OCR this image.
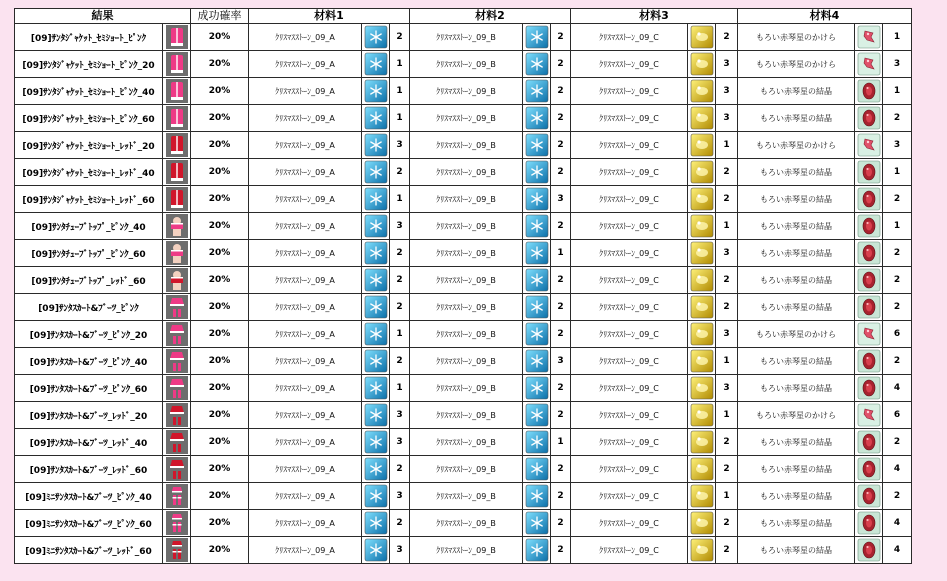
結果		成功確率	材料1			材料2			材料3			材料4		
[09]ｻﾝﾀｼﾞｬｹｯﾄ_ｾﾐｼｮｰﾄ_ﾋﾟﾝｸ		20%	ｸﾘｽﾏｽｽﾄｰﾝ_09_A		2	ｸﾘｽﾏｽｽﾄｰﾝ_09_B		2	ｸﾘｽﾏｽｽﾄｰﾝ_09_C		2	もろい赤琴星のかけら		1
[09]ｻﾝﾀｼﾞｬｹｯﾄ_ｾﾐｼｮｰﾄ_ﾋﾟﾝｸ_20		20%	ｸﾘｽﾏｽｽﾄｰﾝ_09_A		1	ｸﾘｽﾏｽｽﾄｰﾝ_09_B		2	ｸﾘｽﾏｽｽﾄｰﾝ_09_C		3	もろい赤琴星のかけら		3
[09]ｻﾝﾀｼﾞｬｹｯﾄ_ｾﾐｼｮｰﾄ_ﾋﾟﾝｸ_40		20%	ｸﾘｽﾏｽｽﾄｰﾝ_09_A		1	ｸﾘｽﾏｽｽﾄｰﾝ_09_B		2	ｸﾘｽﾏｽｽﾄｰﾝ_09_C		3	もろい赤琴星の結晶		1
[09]ｻﾝﾀｼﾞｬｹｯﾄ_ｾﾐｼｮｰﾄ_ﾋﾟﾝｸ_60		20%	ｸﾘｽﾏｽｽﾄｰﾝ_09_A		1	ｸﾘｽﾏｽｽﾄｰﾝ_09_B		2	ｸﾘｽﾏｽｽﾄｰﾝ_09_C		3	もろい赤琴星の結晶		2
[09]ｻﾝﾀｼﾞｬｹｯﾄ_ｾﾐｼｮｰﾄ_ﾚｯﾄﾞ_20		20%	ｸﾘｽﾏｽｽﾄｰﾝ_09_A		3	ｸﾘｽﾏｽｽﾄｰﾝ_09_B		2	ｸﾘｽﾏｽｽﾄｰﾝ_09_C		1	もろい赤琴星のかけら		3
[09]ｻﾝﾀｼﾞｬｹｯﾄ_ｾﾐｼｮｰﾄ_ﾚｯﾄﾞ_40		20%	ｸﾘｽﾏｽｽﾄｰﾝ_09_A		2	ｸﾘｽﾏｽｽﾄｰﾝ_09_B		2	ｸﾘｽﾏｽｽﾄｰﾝ_09_C		2	もろい赤琴星の結晶		1
[09]ｻﾝﾀｼﾞｬｹｯﾄ_ｾﾐｼｮｰﾄ_ﾚｯﾄﾞ_60		20%	ｸﾘｽﾏｽｽﾄｰﾝ_09_A		1	ｸﾘｽﾏｽｽﾄｰﾝ_09_B		3	ｸﾘｽﾏｽｽﾄｰﾝ_09_C		2	もろい赤琴星の結晶		2
[09]ｻﾝﾀﾁｭｰﾌﾞﾄｯﾌﾟ_ﾋﾟﾝｸ_40		20%	ｸﾘｽﾏｽｽﾄｰﾝ_09_A		3	ｸﾘｽﾏｽｽﾄｰﾝ_09_B		2	ｸﾘｽﾏｽｽﾄｰﾝ_09_C		1	もろい赤琴星の結晶		1
[09]ｻﾝﾀﾁｭｰﾌﾞﾄｯﾌﾟ_ﾋﾟﾝｸ_60		20%	ｸﾘｽﾏｽｽﾄｰﾝ_09_A		2	ｸﾘｽﾏｽｽﾄｰﾝ_09_B		1	ｸﾘｽﾏｽｽﾄｰﾝ_09_C		3	もろい赤琴星の結晶		2
[09]ｻﾝﾀﾁｭｰﾌﾞﾄｯﾌﾟ_ﾚｯﾄﾞ_60		20%	ｸﾘｽﾏｽｽﾄｰﾝ_09_A		2	ｸﾘｽﾏｽｽﾄｰﾝ_09_B		2	ｸﾘｽﾏｽｽﾄｰﾝ_09_C		2	もろい赤琴星の結晶		2
[09]ｻﾝﾀｽｶｰﾄ&ﾌﾞｰﾂ_ﾋﾟﾝｸ		20%	ｸﾘｽﾏｽｽﾄｰﾝ_09_A		2	ｸﾘｽﾏｽｽﾄｰﾝ_09_B		2	ｸﾘｽﾏｽｽﾄｰﾝ_09_C		2	もろい赤琴星の結晶		2
[09]ｻﾝﾀｽｶｰﾄ&ﾌﾞｰﾂ_ﾋﾟﾝｸ_20		20%	ｸﾘｽﾏｽｽﾄｰﾝ_09_A		1	ｸﾘｽﾏｽｽﾄｰﾝ_09_B		2	ｸﾘｽﾏｽｽﾄｰﾝ_09_C		3	もろい赤琴星のかけら		6
[09]ｻﾝﾀｽｶｰﾄ&ﾌﾞｰﾂ_ﾋﾟﾝｸ_40		20%	ｸﾘｽﾏｽｽﾄｰﾝ_09_A		2	ｸﾘｽﾏｽｽﾄｰﾝ_09_B		3	ｸﾘｽﾏｽｽﾄｰﾝ_09_C		1	もろい赤琴星の結晶		2
[09]ｻﾝﾀｽｶｰﾄ&ﾌﾞｰﾂ_ﾋﾟﾝｸ_60		20%	ｸﾘｽﾏｽｽﾄｰﾝ_09_A		1	ｸﾘｽﾏｽｽﾄｰﾝ_09_B		2	ｸﾘｽﾏｽｽﾄｰﾝ_09_C		3	もろい赤琴星の結晶		4
[09]ｻﾝﾀｽｶｰﾄ&ﾌﾞｰﾂ_ﾚｯﾄﾞ_20		20%	ｸﾘｽﾏｽｽﾄｰﾝ_09_A		3	ｸﾘｽﾏｽｽﾄｰﾝ_09_B		2	ｸﾘｽﾏｽｽﾄｰﾝ_09_C		1	もろい赤琴星のかけら		6
[09]ｻﾝﾀｽｶｰﾄ&ﾌﾞｰﾂ_ﾚｯﾄﾞ_40		20%	ｸﾘｽﾏｽｽﾄｰﾝ_09_A		3	ｸﾘｽﾏｽｽﾄｰﾝ_09_B		1	ｸﾘｽﾏｽｽﾄｰﾝ_09_C		2	もろい赤琴星の結晶		2
[09]ｻﾝﾀｽｶｰﾄ&ﾌﾞｰﾂ_ﾚｯﾄﾞ_60		20%	ｸﾘｽﾏｽｽﾄｰﾝ_09_A		2	ｸﾘｽﾏｽｽﾄｰﾝ_09_B		2	ｸﾘｽﾏｽｽﾄｰﾝ_09_C		2	もろい赤琴星の結晶		4
[09]ﾐﾆｻﾝﾀｽｶｰﾄ&ﾌﾞｰﾂ_ﾋﾟﾝｸ_40		20%	ｸﾘｽﾏｽｽﾄｰﾝ_09_A		3	ｸﾘｽﾏｽｽﾄｰﾝ_09_B		2	ｸﾘｽﾏｽｽﾄｰﾝ_09_C		1	もろい赤琴星の結晶		2
[09]ﾐﾆｻﾝﾀｽｶｰﾄ&ﾌﾞｰﾂ_ﾋﾟﾝｸ_60		20%	ｸﾘｽﾏｽｽﾄｰﾝ_09_A		2	ｸﾘｽﾏｽｽﾄｰﾝ_09_B		2	ｸﾘｽﾏｽｽﾄｰﾝ_09_C		2	もろい赤琴星の結晶		4
[09]ﾐﾆｻﾝﾀｽｶｰﾄ&ﾌﾞｰﾂ_ﾚｯﾄﾞ_60		20%	ｸﾘｽﾏｽｽﾄｰﾝ_09_A		3	ｸﾘｽﾏｽｽﾄｰﾝ_09_B		2	ｸﾘｽﾏｽｽﾄｰﾝ_09_C		2	もろい赤琴星の結晶		4
